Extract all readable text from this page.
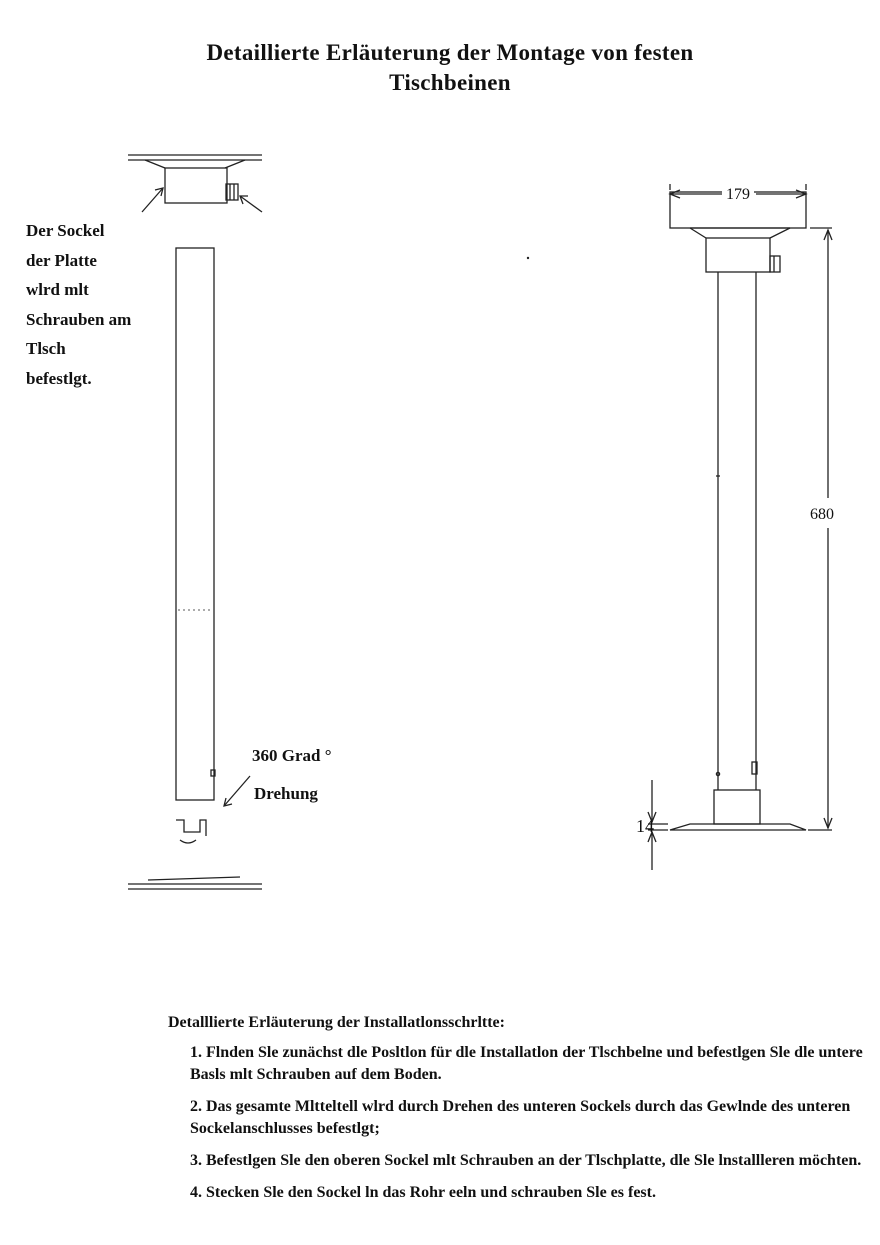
Detaillierte Erläuterung der Montage von festen
Tischbeinen
Der Sockel
der Platte
wlrd mlt
Schrauben am
Tlsch
befestlgt.
360 Grad °
Drehung
179
680
14
Detalllierte Erläuterung der Installatlonsschrltte:
1. Flnden Sle zunächst dle Posltlon für dle Installatlon der Tlschbelne und befestlgen Sle dle untere Basls mlt Schrauben auf dem Boden.
2. Das gesamte Mltteltell wlrd durch Drehen des unteren Sockels durch das Gewlnde des unteren Sockelanschlusses befestlgt;
3. Befestlgen Sle den oberen Sockel mlt Schrauben an der Tlschplatte, dle Sle lnstallleren möchten.
4. Stecken Sle den Sockel ln das Rohr eeln und schrauben Sle es fest.
